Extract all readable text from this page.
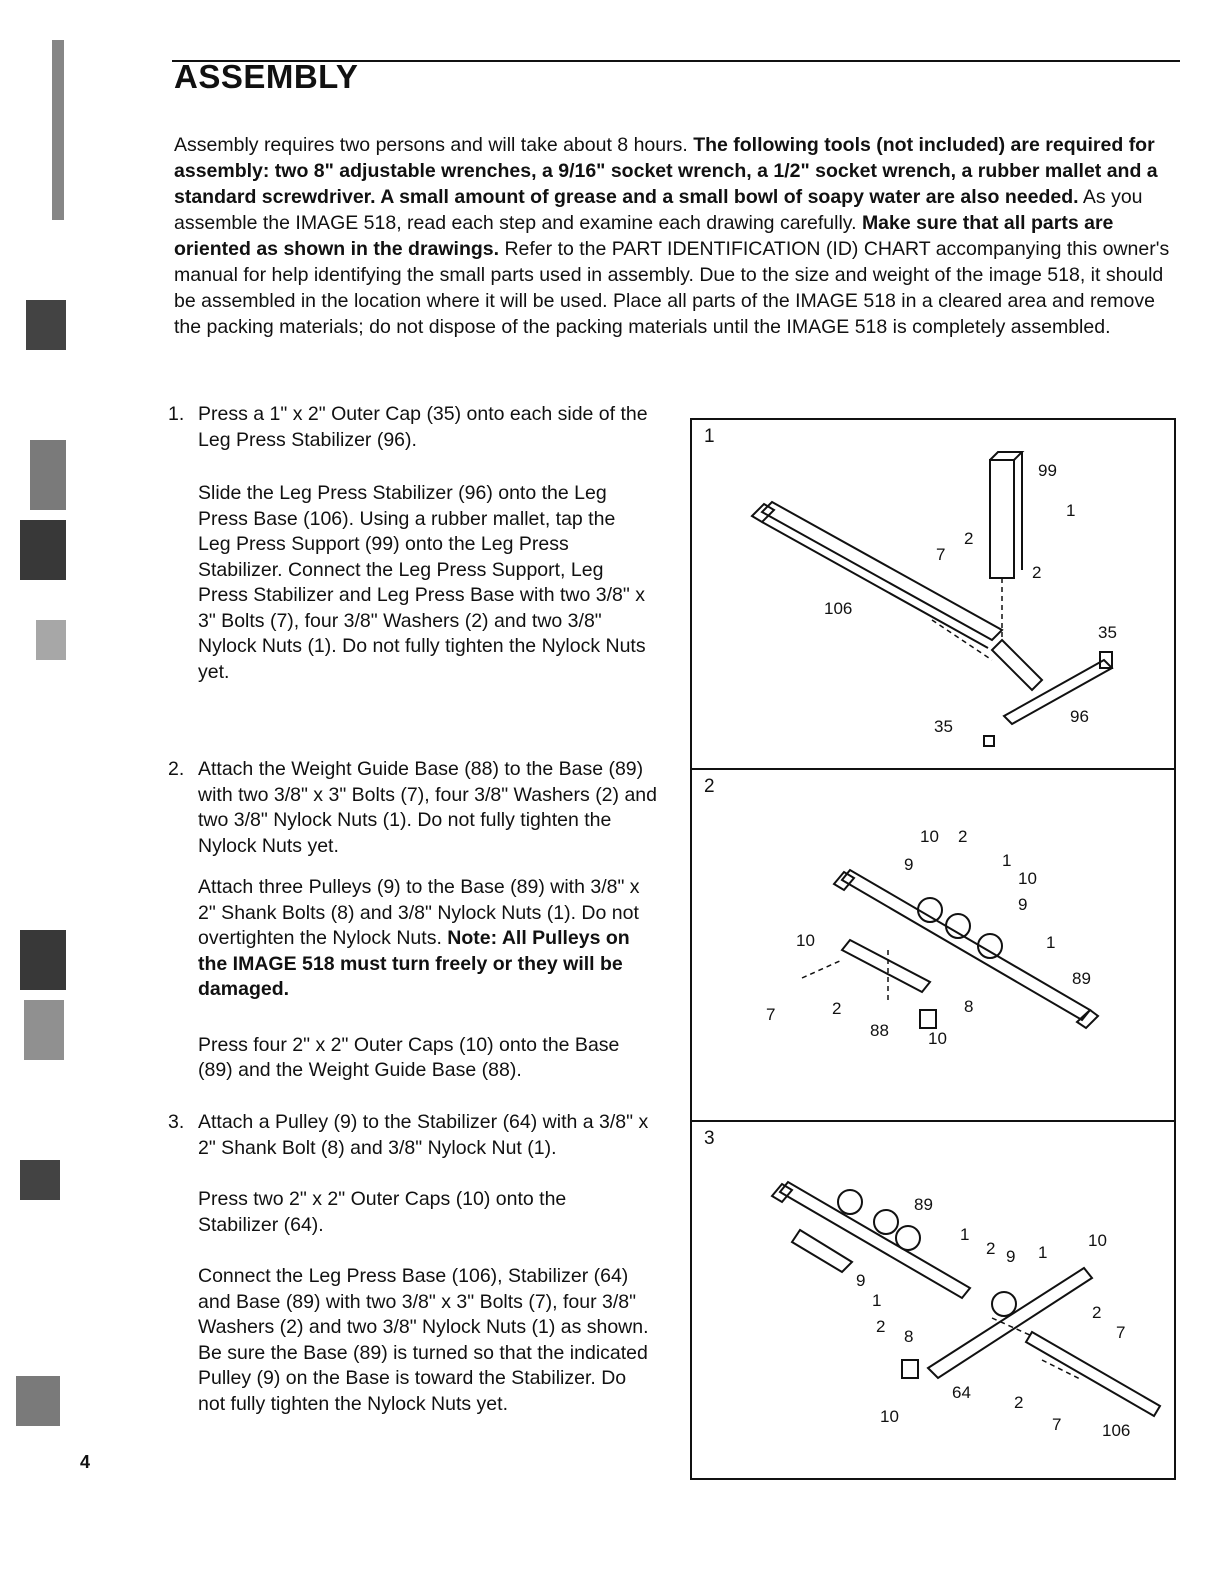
ASSEMBLY

Assembly requires two persons and will take about 8 hours. The following tools (not included) are required for assembly: two 8" adjustable wrenches, a 9/16" socket wrench, a 1/2" socket wrench, a rubber mallet and a standard screwdriver. A small amount of grease and a small bowl of soapy water are also needed. As you assemble the IMAGE 518, read each step and examine each drawing carefully. Make sure that all parts are oriented as shown in the drawings. Refer to the PART IDENTIFICATION (ID) CHART accompanying this owner's manual for help identifying the small parts used in assembly. Due to the size and weight of the image 518, it should be assembled in the location where it will be used. Place all parts of the IMAGE 518 in a cleared area and remove the packing materials; do not dispose of the packing materials until the IMAGE 518 is completely assembled.

1. Press a 1" x 2" Outer Cap (35) onto each side of the Leg Press Stabilizer (96).

Slide the Leg Press Stabilizer (96) onto the Leg Press Base (106). Using a rubber mallet, tap the Leg Press Support (99) onto the Leg Press Stabilizer. Connect the Leg Press Support, Leg Press Stabilizer and Leg Press Base with two 3/8" x 3" Bolts (7), four 3/8" Washers (2) and two 3/8" Nylock Nuts (1). Do not fully tighten the Nylock Nuts yet.

2. Attach the Weight Guide Base (88) to the Base (89) with two 3/8" x 3" Bolts (7), four 3/8" Washers (2) and two 3/8" Nylock Nuts (1). Do not fully tighten the Nylock Nuts yet.

Attach three Pulleys (9) to the Base (89) with 3/8" x 2" Shank Bolts (8) and 3/8" Nylock Nuts (1). Do not overtighten the Nylock Nuts. Note: All Pulleys on the IMAGE 518 must turn freely or they will be damaged.

Press four 2" x 2" Outer Caps (10) onto the Base (89) and the Weight Guide Base (88).

3. Attach a Pulley (9) to the Stabilizer (64) with a 3/8" x 2" Shank Bolt (8) and 3/8" Nylock Nut (1).

Press two 2" x 2" Outer Caps (10) onto the Stabilizer (64).

Connect the Leg Press Base (106), Stabilizer (64) and Base (89) with two 3/8" x 3" Bolts (7), four 3/8" Washers (2) and two 3/8" Nylock Nuts (1) as shown. Be sure the Base (89) is turned so that the indicated Pulley (9) on the Base is toward the Stabilizer. Do not fully tighten the Nylock Nuts yet.

1
99
1
2
7
2
106
35
35
96
2
10 2
9	1
10
9
10	1
89
7	2
88
8
10
3
89
10
1
2 9 1
9
1
2
8
2
7
64
2
10	7 106
4
